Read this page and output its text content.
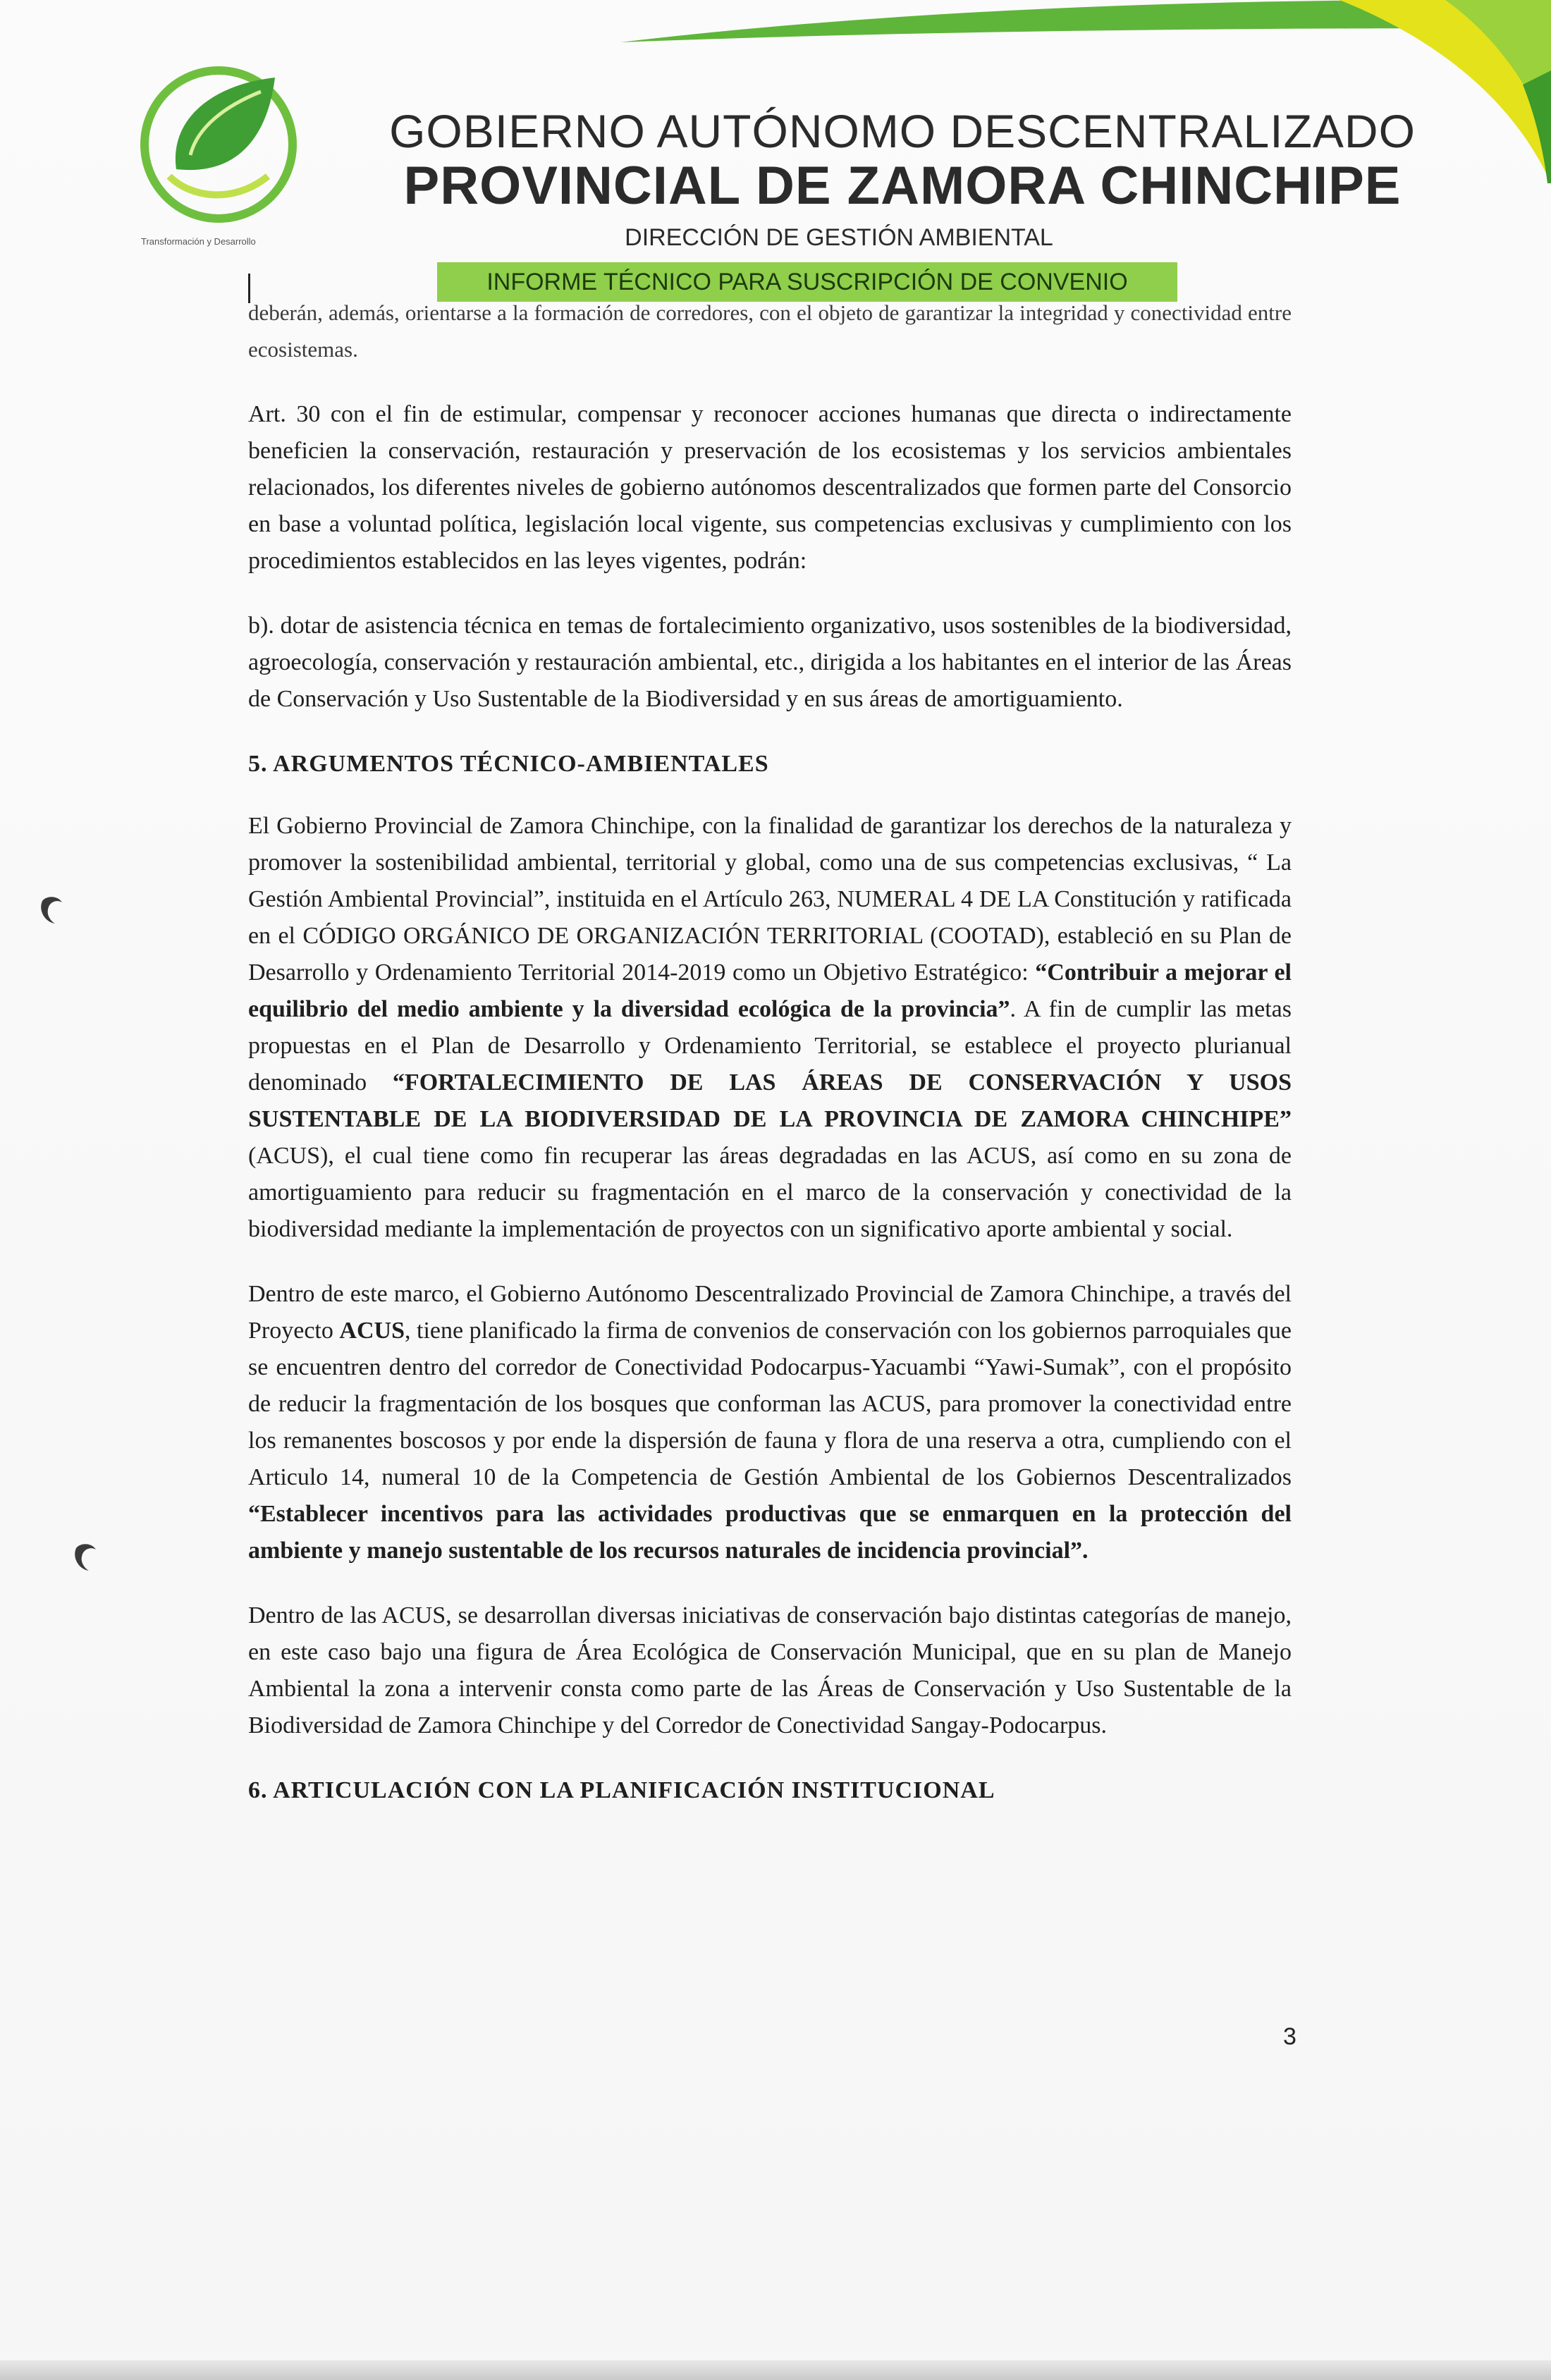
Transformación y Desarrollo
GOBIERNO AUTÓNOMO DESCENTRALIZADO
PROVINCIAL DE ZAMORA CHINCHIPE
DIRECCIÓN DE GESTIÓN AMBIENTAL
INFORME TÉCNICO PARA SUSCRIPCIÓN DE CONVENIO

deberán, además, orientarse a la formación de corredores, con el objeto de garantizar la integridad y conectividad entre ecosistemas.

Art. 30 con el fin de estimular, compensar y reconocer acciones humanas que directa o indirectamente beneficien la conservación, restauración y preservación de los ecosistemas y los servicios ambientales relacionados, los diferentes niveles de gobierno autónomos descentralizados que formen parte del Consorcio en base a voluntad política, legislación local vigente, sus competencias exclusivas y cumplimiento con los procedimientos establecidos en las leyes vigentes, podrán:

b). dotar de asistencia técnica en temas de fortalecimiento organizativo, usos sostenibles de la biodiversidad, agroecología, conservación y restauración ambiental, etc., dirigida a los habitantes en el interior de las Áreas de Conservación y Uso Sustentable de la Biodiversidad y en sus áreas de amortiguamiento.

5. ARGUMENTOS TÉCNICO-AMBIENTALES

El Gobierno Provincial de Zamora Chinchipe, con la finalidad de garantizar los derechos de la naturaleza y promover la sostenibilidad ambiental, territorial y global, como una de sus competencias exclusivas, “ La Gestión Ambiental Provincial”, instituida en el Artículo 263, NUMERAL 4 DE LA Constitución y ratificada en el CÓDIGO ORGÁNICO DE ORGANIZACIÓN TERRITORIAL (COOTAD), estableció en su Plan de Desarrollo y Ordenamiento Territorial 2014-2019 como un Objetivo Estratégico: “Contribuir a mejorar el equilibrio del medio ambiente y la diversidad ecológica de la provincia”. A fin de cumplir las metas propuestas en el Plan de Desarrollo y Ordenamiento Territorial, se establece el proyecto plurianual denominado “FORTALECIMIENTO DE LAS ÁREAS DE CONSERVACIÓN Y USOS SUSTENTABLE DE LA BIODIVERSIDAD DE LA PROVINCIA DE ZAMORA CHINCHIPE” (ACUS), el cual tiene como fin recuperar las áreas degradadas en las ACUS, así como en su zona de amortiguamiento para reducir su fragmentación en el marco de la conservación y conectividad de la biodiversidad mediante la implementación de proyectos con un significativo aporte ambiental y social.

Dentro de este marco, el Gobierno Autónomo Descentralizado Provincial de Zamora Chinchipe, a través del Proyecto ACUS, tiene planificado la firma de convenios de conservación con los gobiernos parroquiales que se encuentren dentro del corredor de Conectividad Podocarpus-Yacuambi “Yawi-Sumak”, con el propósito de reducir la fragmentación de los bosques que conforman las ACUS, para promover la conectividad entre los remanentes boscosos y por ende la dispersión de fauna y flora de una reserva a otra, cumpliendo con el Articulo 14, numeral 10 de la Competencia de Gestión Ambiental de los Gobiernos Descentralizados “Establecer incentivos para las actividades productivas que se enmarquen en la protección del ambiente y manejo sustentable de los recursos naturales de incidencia provincial”.

Dentro de las ACUS, se desarrollan diversas iniciativas de conservación bajo distintas categorías de manejo, en este caso bajo una figura de Área Ecológica de Conservación Municipal, que en su plan de Manejo Ambiental la zona a intervenir consta como parte de las Áreas de Conservación y Uso Sustentable de la Biodiversidad de Zamora Chinchipe y del Corredor de Conectividad Sangay-Podocarpus.

6. ARTICULACIÓN CON LA PLANIFICACIÓN INSTITUCIONAL
3
